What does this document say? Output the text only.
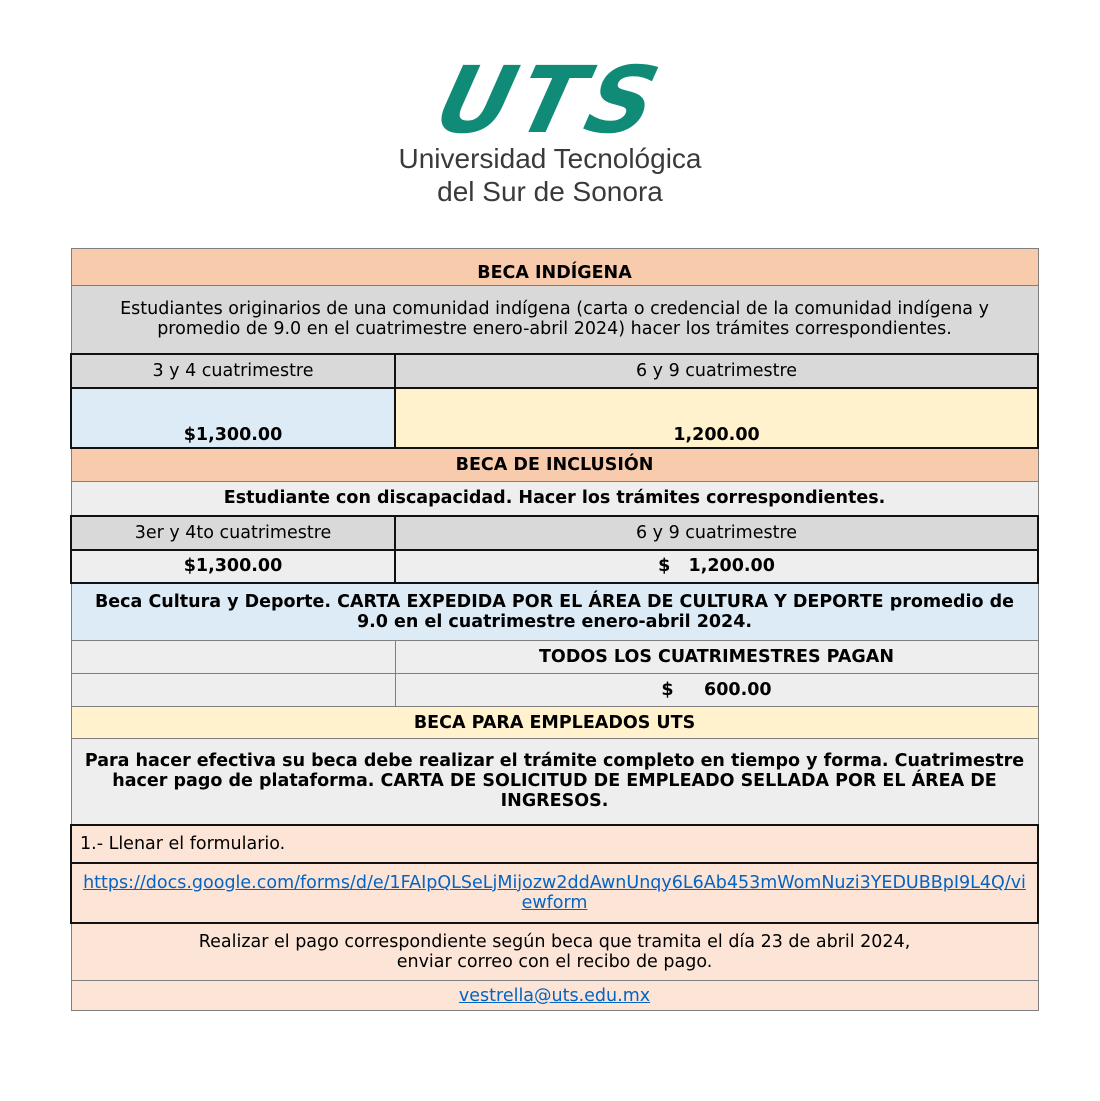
UTS
Universidad Tecnológica
del Sur de Sonora
BECA INDÍGENA	
Estudiantes originarios de una comunidad indígena (carta o credencial de la comunidad indígena y promedio de 9.0 en el cuatrimestre enero-abril 2024) hacer los trámites correspondientes.	
3 y 4 cuatrimestre	6 y 9 cuatrimestre
$1,300.00	1,200.00
BECA DE INCLUSIÓN	
Estudiante con discapacidad. Hacer los trámites correspondientes.	
3er y 4to cuatrimestre	6 y 9 cuatrimestre
$1,300.00	$   1,200.00
Beca Cultura y Deporte. CARTA EXPEDIDA POR EL ÁREA DE CULTURA Y DEPORTE promedio de 9.0 en el cuatrimestre enero-abril 2024.	
	TODOS LOS CUATRIMESTRES PAGAN
	$     600.00
BECA PARA EMPLEADOS UTS	
Para hacer efectiva su beca debe realizar el trámite completo en tiempo y forma. Cuatrimestre hacer pago de plataforma. CARTA DE SOLICITUD DE EMPLEADO SELLADA POR EL ÁREA DE INGRESOS.	
1.- Llenar el formulario.	
https://docs.google.com/forms/d/e/1FAIpQLSeLjMijozw2ddAwnUnqy6L6Ab453mWomNuzi3YEDUBBpI9L4Q/viewform	

Realizar el pago correspondiente según beca que tramita el día 23 de abril 2024,
enviar correo con el recibo de pago.	

vestrella@uts.edu.mx	
